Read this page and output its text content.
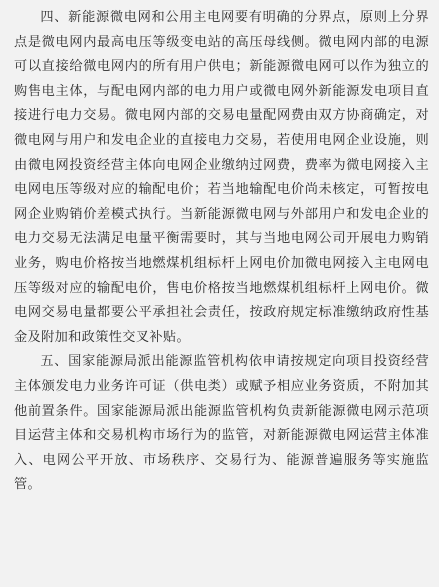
四、新能源微电网和公用主电网要有明确的分界点，原则上分界点是微电网内最高电压等级变电站的高压母线侧。微电网内部的电源可以直接给微电网内的所有用户供电；新能源微电网可以作为独立的购售电主体，与配电网内部的电力用户或微电网外新能源发电项目直接进行电力交易。微电网内部的交易电量配网费由双方协商确定，对微电网与用户和发电企业的直接电力交易，若使用电网企业设施，则由微电网投资经营主体向电网企业缴纳过网费，费率为微电网接入主电网电压等级对应的输配电价；若当地输配电价尚未核定，可暂按电网企业购销价差模式执行。当新能源微电网与外部用户和发电企业的电力交易无法满足电量平衡需要时，其与当地电网公司开展电力购销业务，购电价格按当地燃煤机组标杆上网电价加微电网接入主电网电压等级对应的输配电价，售电价格按当地燃煤机组标杆上网电价。微电网交易电量都要公平承担社会责任，按政府规定标准缴纳政府性基金及附加和政策性交叉补贴。

五、国家能源局派出能源监管机构依申请按规定向项目投资经营主体颁发电力业务许可证（供电类）或赋予相应业务资质，不附加其他前置条件。国家能源局派出能源监管机构负责新能源微电网示范项目运营主体和交易机构市场行为的监管，对新能源微电网运营主体准入、电网公平开放、市场秩序、交易行为、能源普遍服务等实施监管。
